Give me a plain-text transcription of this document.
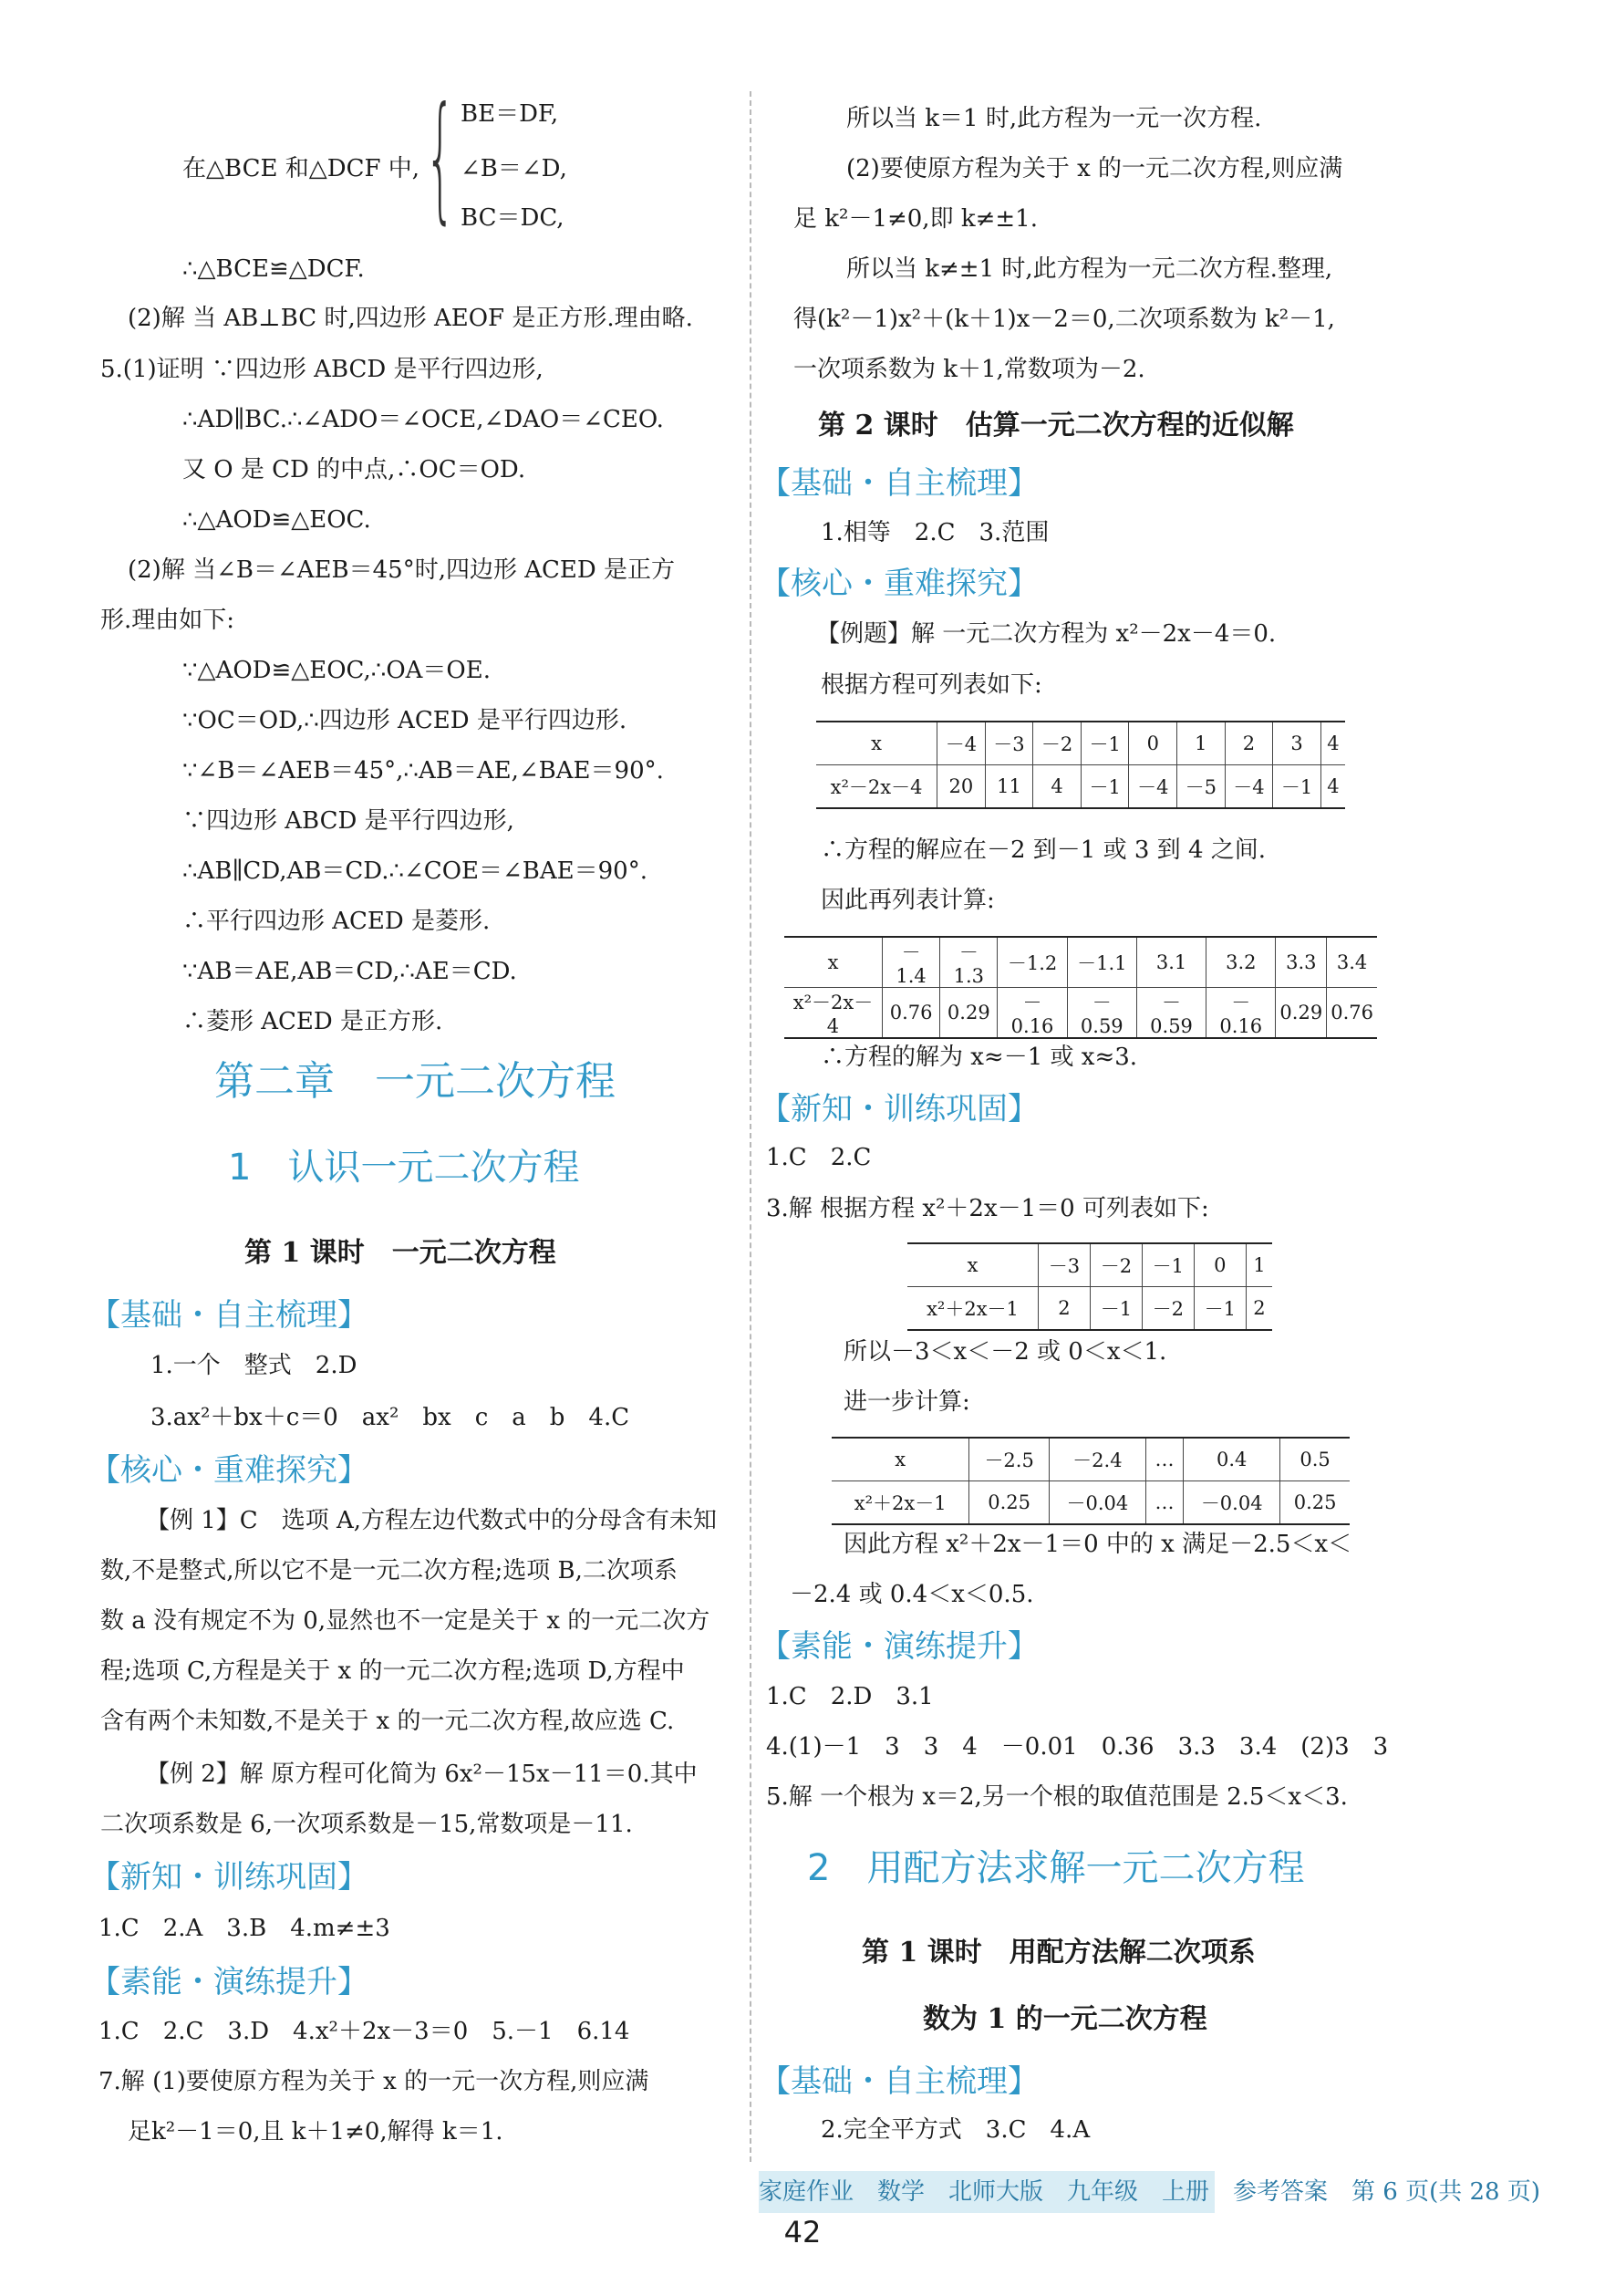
BE＝DF,
{
在△BCE 和△DCF 中, ∠B＝∠D,
BC＝DC,
∴△BCE≌△DCF.
(2)解 当 AB⊥BC 时,四边形 AEOF 是正方形.理由略.
5.(1)证明 ∵四边形 ABCD 是平行四边形,
∴AD∥BC.∴∠ADO＝∠OCE,∠DAO＝∠CEO.
又 O 是 CD 的中点,∴OC＝OD.
∴△AOD≌△EOC.
(2)解 当∠B＝∠AEB＝45°时,四边形 ACED 是正方
形.理由如下:
∵△AOD≌△EOC,∴OA＝OE.
∵OC＝OD,∴四边形 ACED 是平行四边形.
∵∠B＝∠AEB＝45°,∴AB＝AE,∠BAE＝90°.
∵四边形 ABCD 是平行四边形,
∴AB∥CD,AB＝CD.∴∠COE＝∠BAE＝90°.
∴平行四边形 ACED 是菱形.
∵AB＝AE,AB＝CD,∴AE＝CD.
∴菱形 ACED 是正方形.
第二章　一元二次方程
1　认识一元二次方程
第 1 课时　一元二次方程
【基础・自主梳理】
1.一个　整式　2.D
3.ax²＋bx＋c＝0　ax²　bx　c　a　b　4.C
【核心・重难探究】
【例 1】C　选项 A,方程左边代数式中的分母含有未知
数,不是整式,所以它不是一元二次方程;选项 B,二次项系
数 a 没有规定不为 0,显然也不一定是关于 x 的一元二次方
程;选项 C,方程是关于 x 的一元二次方程;选项 D,方程中
含有两个未知数,不是关于 x 的一元二次方程,故应选 C.
【例 2】解 原方程可化简为 6x²－15x－11＝0.其中
二次项系数是 6,一次项系数是－15,常数项是－11.
【新知・训练巩固】
1.C　2.A　3.B　4.m≠±3
【素能・演练提升】
1.C　2.C　3.D　4.x²＋2x－3＝0　5.－1　6.14
7.解 (1)要使原方程为关于 x 的一元一次方程,则应满
足k²－1＝0,且 k＋1≠0,解得 k＝1.
所以当 k＝1 时,此方程为一元一次方程.
(2)要使原方程为关于 x 的一元二次方程,则应满
足 k²－1≠0,即 k≠±1.
所以当 k≠±1 时,此方程为一元二次方程.整理,
得(k²－1)x²＋(k＋1)x－2＝0,二次项系数为 k²－1,
一次项系数为 k＋1,常数项为－2.
第 2 课时　估算一元二次方程的近似解
【基础・自主梳理】
1.相等　2.C　3.范围
【核心・重难探究】
【例题】解 一元二次方程为 x²－2x－4＝0.
根据方程可列表如下:
x	－4	－3	－2	－1	0	1	2	3	4
x²－2x－4	20	11	4	－1	－4	－5	－4	－1	4
∴方程的解应在－2 到－1 或 3 到 4 之间.
因此再列表计算:
x	－1.4	－1.3	－1.2	－1.1	3.1	3.2	3.3	3.4
x²－2x－4	0.76	0.29	－0.16	－0.59	－0.59	－0.16	0.29	0.76
∴方程的解为 x≈－1 或 x≈3.
【新知・训练巩固】
1.C　2.C
3.解 根据方程 x²＋2x－1＝0 可列表如下:
x	－3	－2	－1	0	1
x²＋2x－1	2	－1	－2	－1	2
所以－3＜x＜－2 或 0＜x＜1.
进一步计算:
x	－2.5	－2.4	…	0.4	0.5
x²＋2x－1	0.25	－0.04	…	－0.04	0.25
因此方程 x²＋2x－1＝0 中的 x 满足－2.5＜x＜
－2.4 或 0.4＜x＜0.5.
【素能・演练提升】
1.C　2.D　3.1
4.(1)－1　3　3　4　－0.01　0.36　3.3　3.4　(2)3　3
5.解 一个根为 x＝2,另一个根的取值范围是 2.5＜x＜3.
2　用配方法求解一元二次方程
第 1 课时　用配方法解二次项系
数为 1 的一元二次方程
【基础・自主梳理】
2.完全平方式　3.C　4.A
家庭作业　数学　北师大版　九年级　上册　参考答案　第 6 页(共 28 页)
42
